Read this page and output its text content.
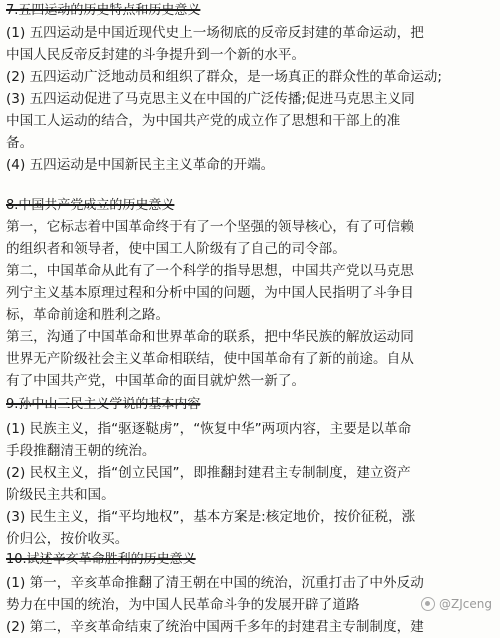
7.五四运动的历史特点和历史意义
(1) 五四运动是中国近现代史上一场彻底的反帝反封建的革命运动，把
中国人民反帝反封建的斗争提升到一个新的水平。
(2) 五四运动广泛地动员和组织了群众，是一场真正的群众性的革命运动;
(3) 五四运动促进了马克思主义在中国的广泛传播;促进马克思主义同
中国工人运动的结合，为中国共产党的成立作了思想和干部上的准
备。
(4) 五四运动是中国新民主主义革命的开端。
8.中国共产党成立的历史意义
第一，它标志着中国革命终于有了一个坚强的领导核心，有了可信赖
的组织者和领导者，使中国工人阶级有了自己的司令部。
第二，中国革命从此有了一个科学的指导思想，中国共产党以马克思
列宁主义基本原理过程和分析中国的问题，为中国人民指明了斗争目
标，革命前途和胜利之路。
第三，沟通了中国革命和世界革命的联系，把中华民族的解放运动同
世界无产阶级社会主义革命相联结，使中国革命有了新的前途。自从
有了中国共产党，中国革命的面目就炉然一新了。
9.孙中山三民主义学说的基本内容
(1) 民族主义，指“驱逐鞑虏”，“恢复中华”两项内容，主要是以革命
手段推翻清王朝的统治。
(2) 民权主义，指“创立民国”，即推翻封建君主专制制度，建立资产
阶级民主共和国。
(3) 民生主义，指“平均地权”，基本方案是:核定地价，按价征税，涨
价归公，按价收买。
10.试述辛亥革命胜利的历史意义
(1) 第一，辛亥革命推翻了清王朝在中国的统治，沉重打击了中外反动
势力在中国的统治，为中国人民革命斗争的发展开辟了道路
(2) 第二，辛亥革命结束了统治中国两千多年的封建君主专制制度，建
@ZJceng
